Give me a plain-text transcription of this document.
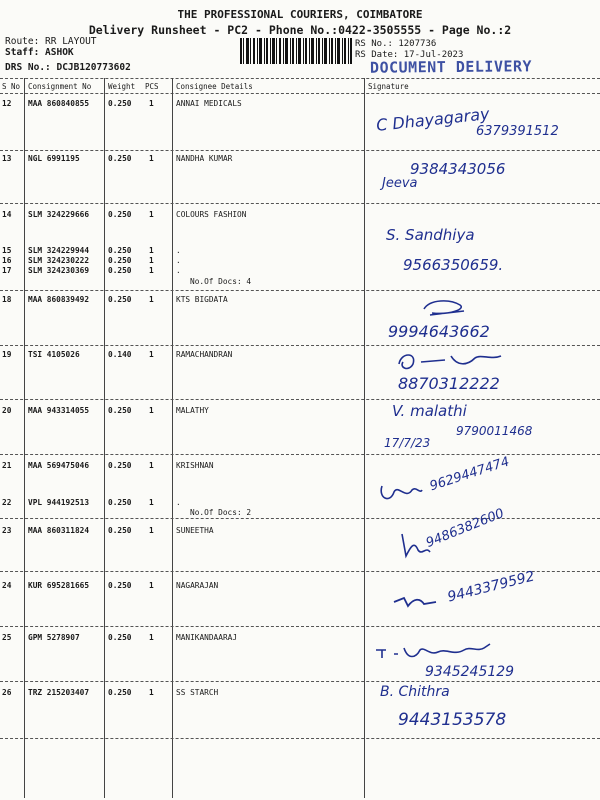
THE PROFESSIONAL COURIERS, COIMBATORE
Delivery Runsheet - PC2 - Phone No.:0422-3505555 - Page No.:2
Route: RR LAYOUT
Staff: ASHOK
DRS No.: DCJB120773602
RS No.: 1207736
RS Date: 17-Jul-2023
DOCUMENT DELIVERY
S No Consignment No Weight PCS Consignee Details	Signature
12 MAA 860840855 0.250 1	ANNAI MEDICALS
C Dhayagaray
6379391512
13 NGL 6991195	0.250 1	NANDHA KUMAR
9384343056
Jeeva
14 SLM 324229666 0.250 1	COLOURS FASHION
S. Sandhiya
9566350659.
15 SLM 324229944 0.250 1	.
16 SLM 324230222 0.250 1	.
17 SLM 324230369 0.250 1	.
No.Of Docs: 4
18 MAA 860839492 0.250 1	KTS BIGDATA
9994643662
19 TSI 4105026	0.140 1	RAMACHANDRAN
8870312222
20 MAA 943314055 0.250 1	MALATHY	V. malathi
9790011468
17/7/23
21 MAA 569475046 0.250 1	KRISHNAN	9629447474
22 VPL 944192513 0.250 1	.
No.Of Docs: 2
23 MAA 860311824 0.250 1	SUNEETHA	9486382600
24 KUR 695281665 0.250 1	NAGARAJAN	9443379592
25 GPM 5278907	0.250 1	MANIKANDAARAJ
9345245129
26 TRZ 215203407 0.250 1	SS STARCH	B. Chithra
9443153578
